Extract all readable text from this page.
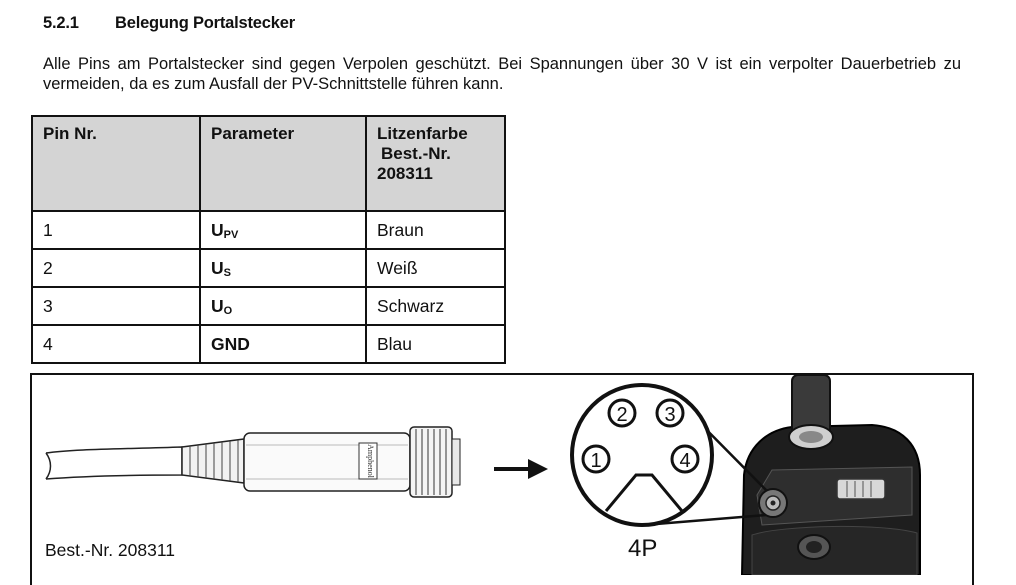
5.2.1 Belegung Portalstecker
Alle Pins am Portalstecker sind gegen Verpolen geschützt. Bei Spannungen über 30 V ist ein verpolter Dauerbetrieb zu vermeiden, da es zum Ausfall der PV-Schnittstelle führen kann.
Pin Nr.	Parameter	Litzenfarbe
Best.-Nr.
208311

1	$U_{PV}$	Braun
2	$U_S$	Weiß
3	$U_O$	Schwarz
4	GND	Blau
Amphenol	1
2 3
4
Best.-Nr. 208311	4P
